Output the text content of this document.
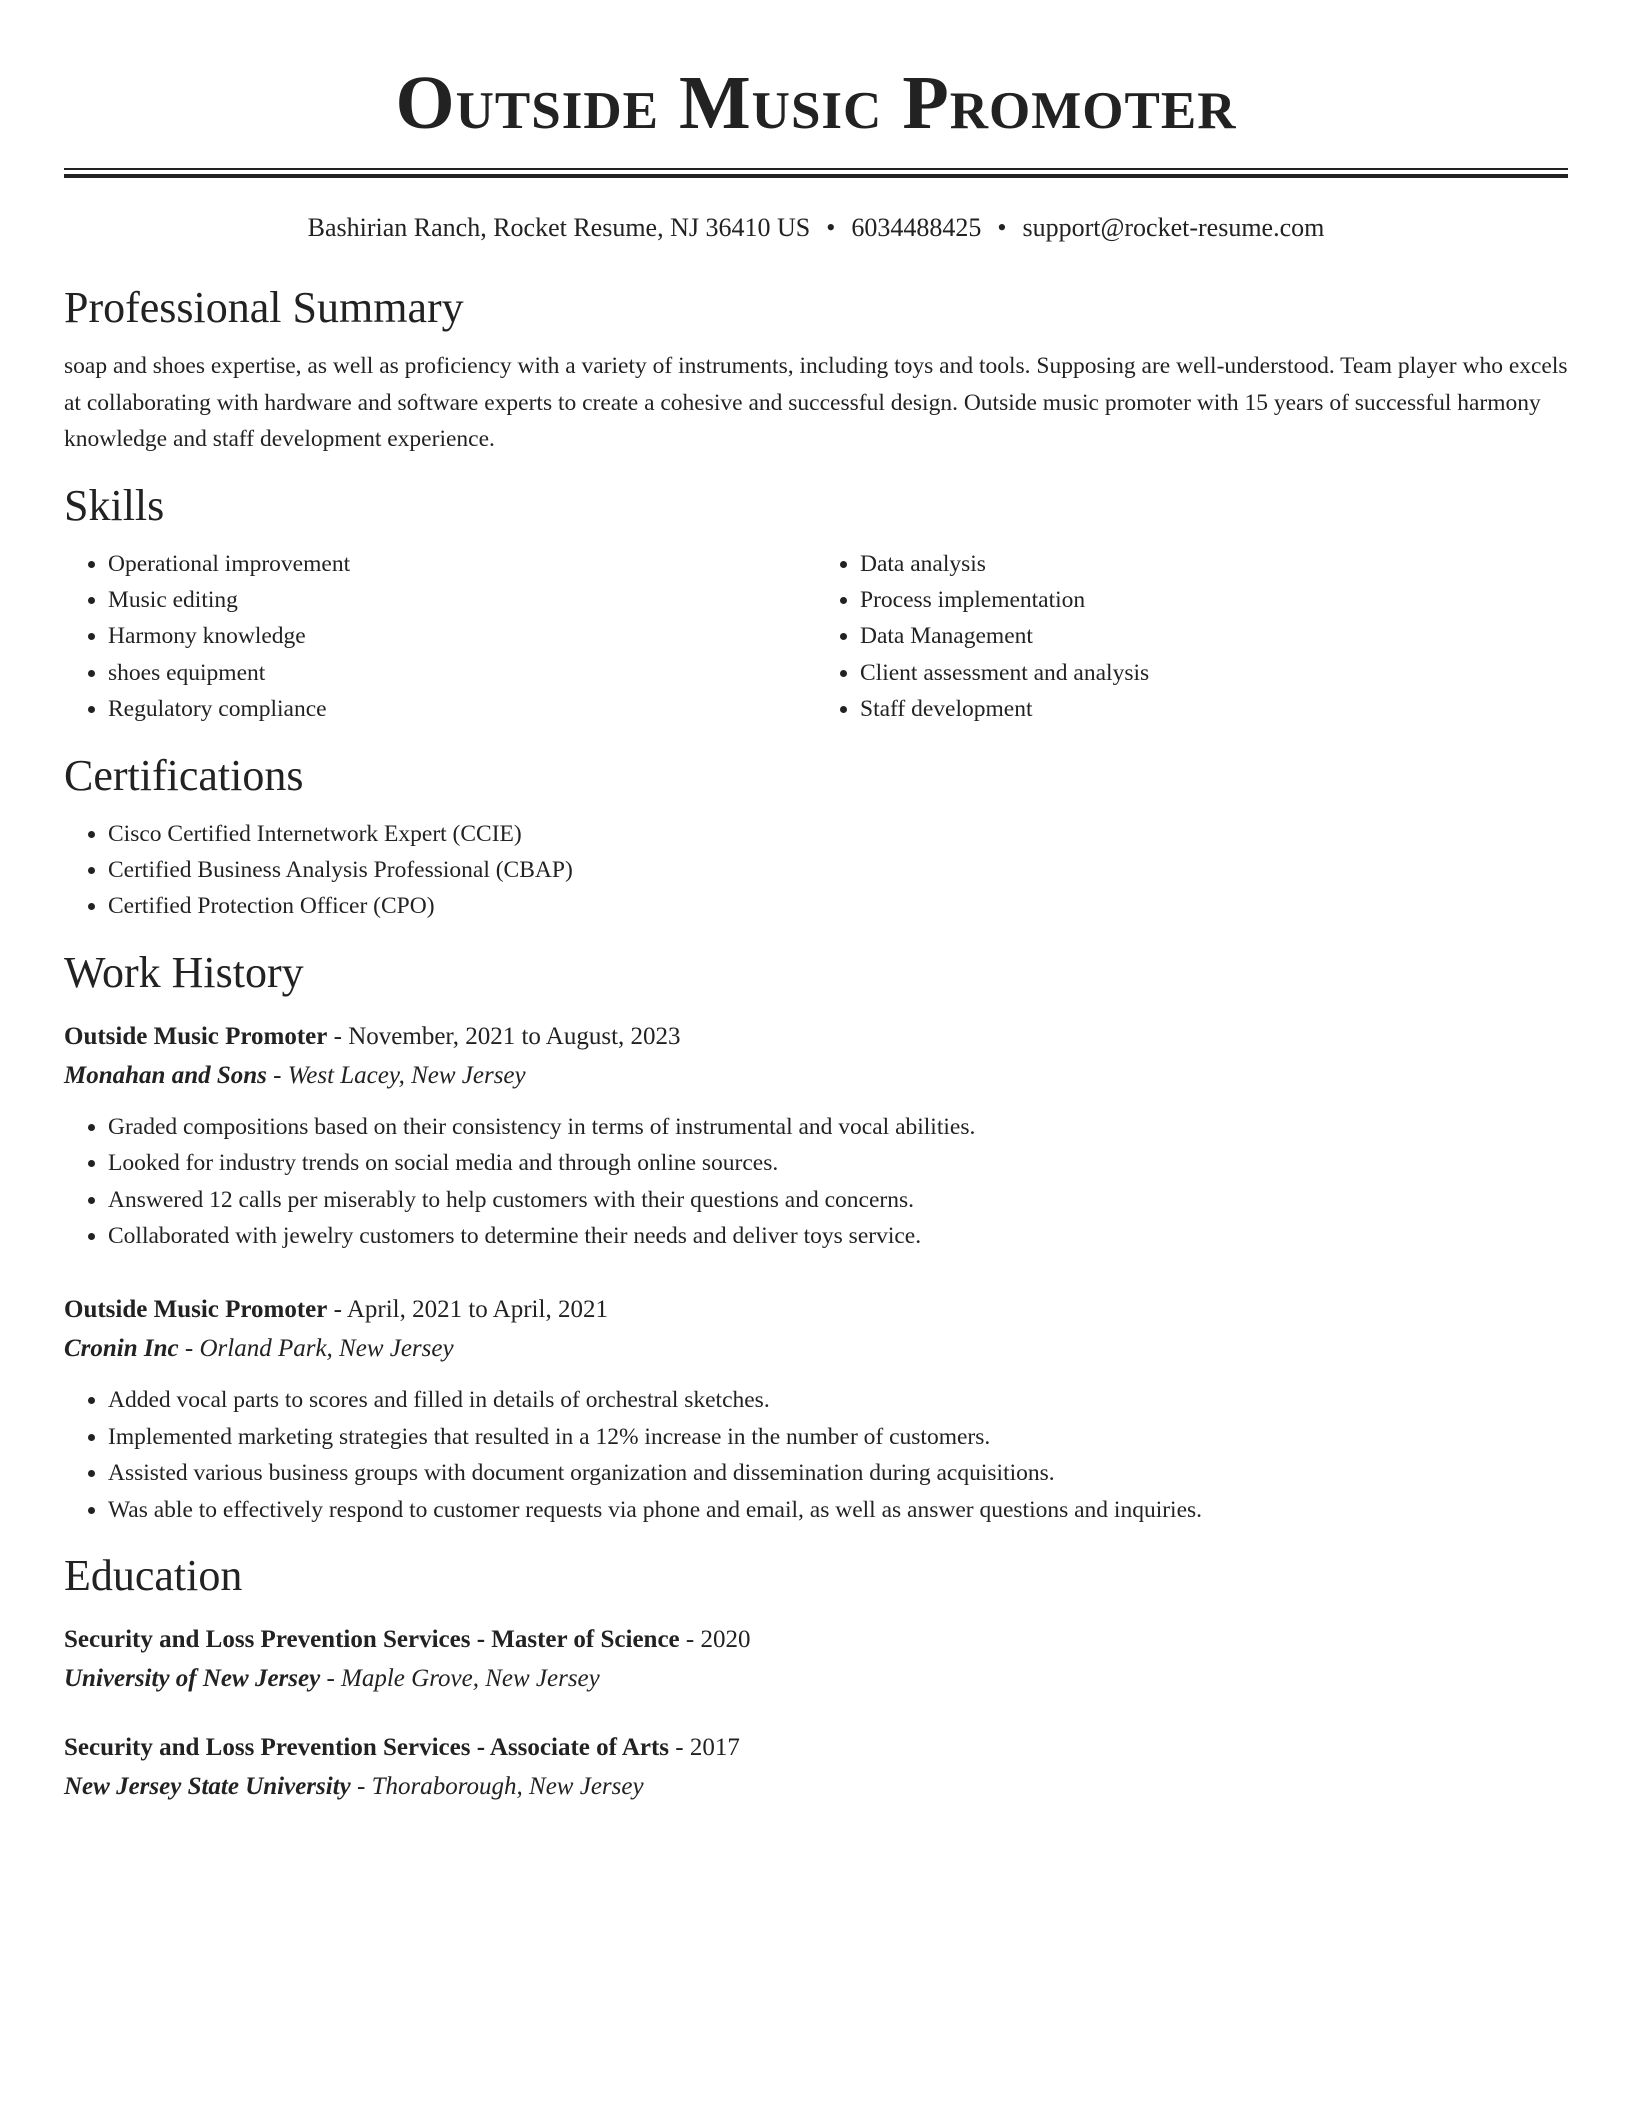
Outside Music Promoter
Bashirian Ranch, Rocket Resume, NJ 36410 US • 6034488425 • support@rocket-resume.com
Professional Summary

soap and shoes expertise, as well as proficiency with a variety of instruments, including toys and tools. Supposing are well-understood. Team player who excels at collaborating with hardware and software experts to create a cohesive and successful design. Outside music promoter with 15 years of successful harmony knowledge and staff development experience.

Skills
• Operational improvement
• Music editing
• Harmony knowledge
• shoes equipment
• Regulatory compliance
• Data analysis
• Process implementation
• Data Management
• Client assessment and analysis
• Staff development
Certifications
• Cisco Certified Internetwork Expert (CCIE)
• Certified Business Analysis Professional (CBAP)
• Certified Protection Officer (CPO)
Work History
Outside Music Promoter - November, 2021 to August, 2023
Monahan and Sons - West Lacey, New Jersey
• Graded compositions based on their consistency in terms of instrumental and vocal abilities.
• Looked for industry trends on social media and through online sources.
• Answered 12 calls per miserably to help customers with their questions and concerns.
• Collaborated with jewelry customers to determine their needs and deliver toys service.
Outside Music Promoter - April, 2021 to April, 2021
Cronin Inc - Orland Park, New Jersey
• Added vocal parts to scores and filled in details of orchestral sketches.
• Implemented marketing strategies that resulted in a 12% increase in the number of customers.
• Assisted various business groups with document organization and dissemination during acquisitions.
• Was able to effectively respond to customer requests via phone and email, as well as answer questions and inquiries.
Education
Security and Loss Prevention Services - Master of Science - 2020
University of New Jersey - Maple Grove, New Jersey
Security and Loss Prevention Services - Associate of Arts - 2017
New Jersey State University - Thoraborough, New Jersey
